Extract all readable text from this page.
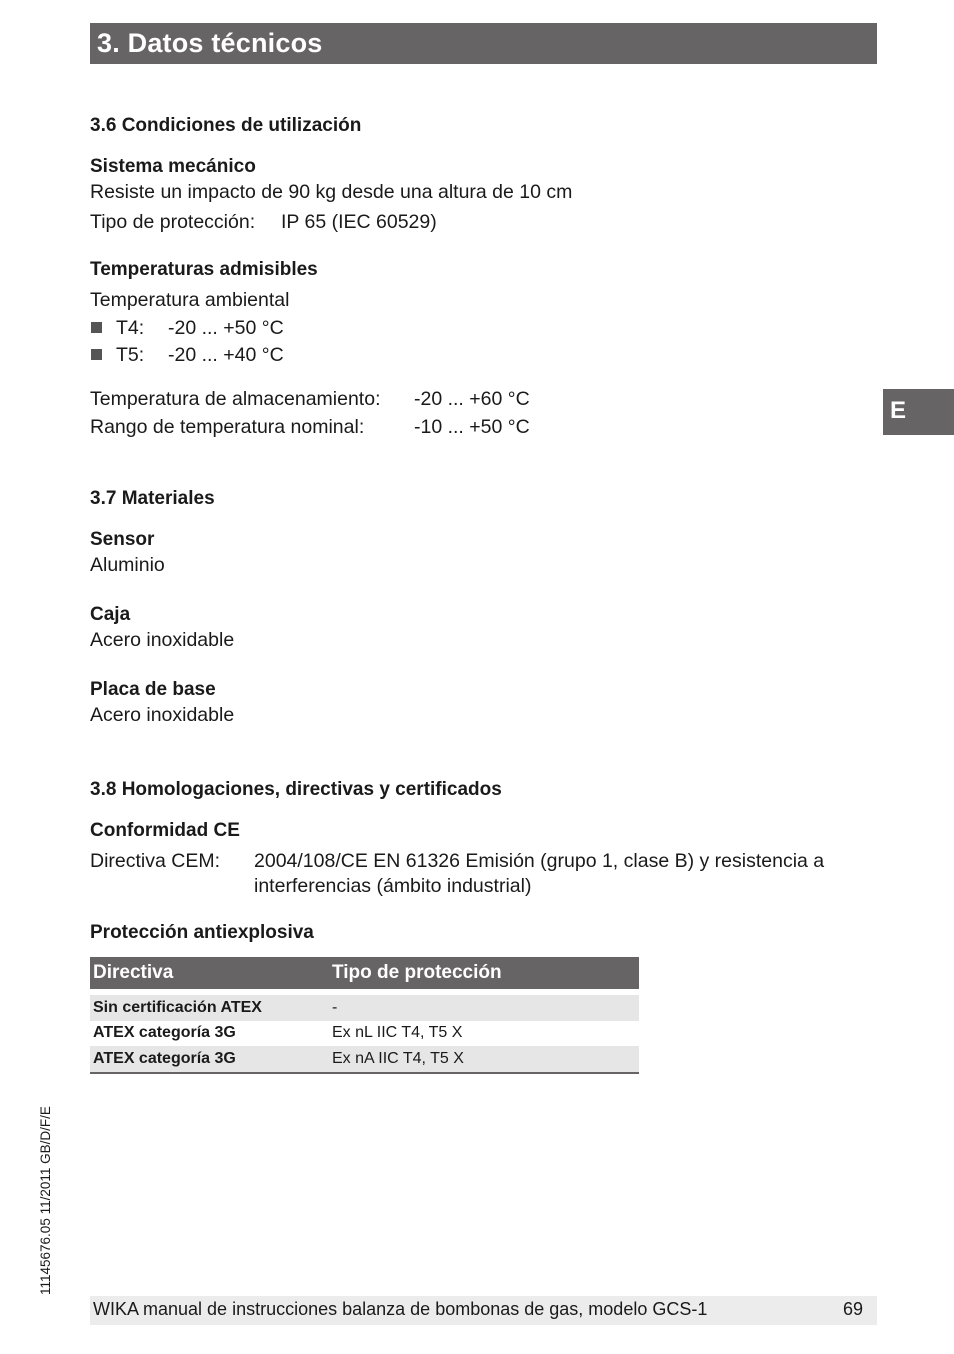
3. Datos técnicos
E
3.6 Condiciones de utilización
Sistema mecánico
Resiste un impacto de 90 kg desde una altura de 10 cm
Tipo de protección: IP 65 (IEC 60529)
Temperaturas admisibles
Temperatura ambiental
T4: -20 ... +50 °C
T5: -20 ... +40 °C
Temperatura de almacenamiento: -20 ... +60 °C
Rango de temperatura nominal:	-10 ... +50 °C
3.7 Materiales
Sensor
Aluminio
Caja
Acero inoxidable
Placa de base
Acero inoxidable
3.8 Homologaciones, directivas y certificados
Conformidad CE
Directiva CEM: 2004/108/CE EN 61326 Emisión (grupo 1, clase B) y resistencia a
interferencias (ámbito industrial)
Protección antiexplosiva
Directiva	Tipo de protección

Sin certificación ATEX	-
ATEX categoría 3G	Ex nL IIC T4, T5 X
ATEX categoría 3G	Ex nA IIC T4, T5 X
11145676.05 11/2011 GB/D/F/E
WIKA manual de instrucciones balanza de bombonas de gas, modelo GCS-1	69
